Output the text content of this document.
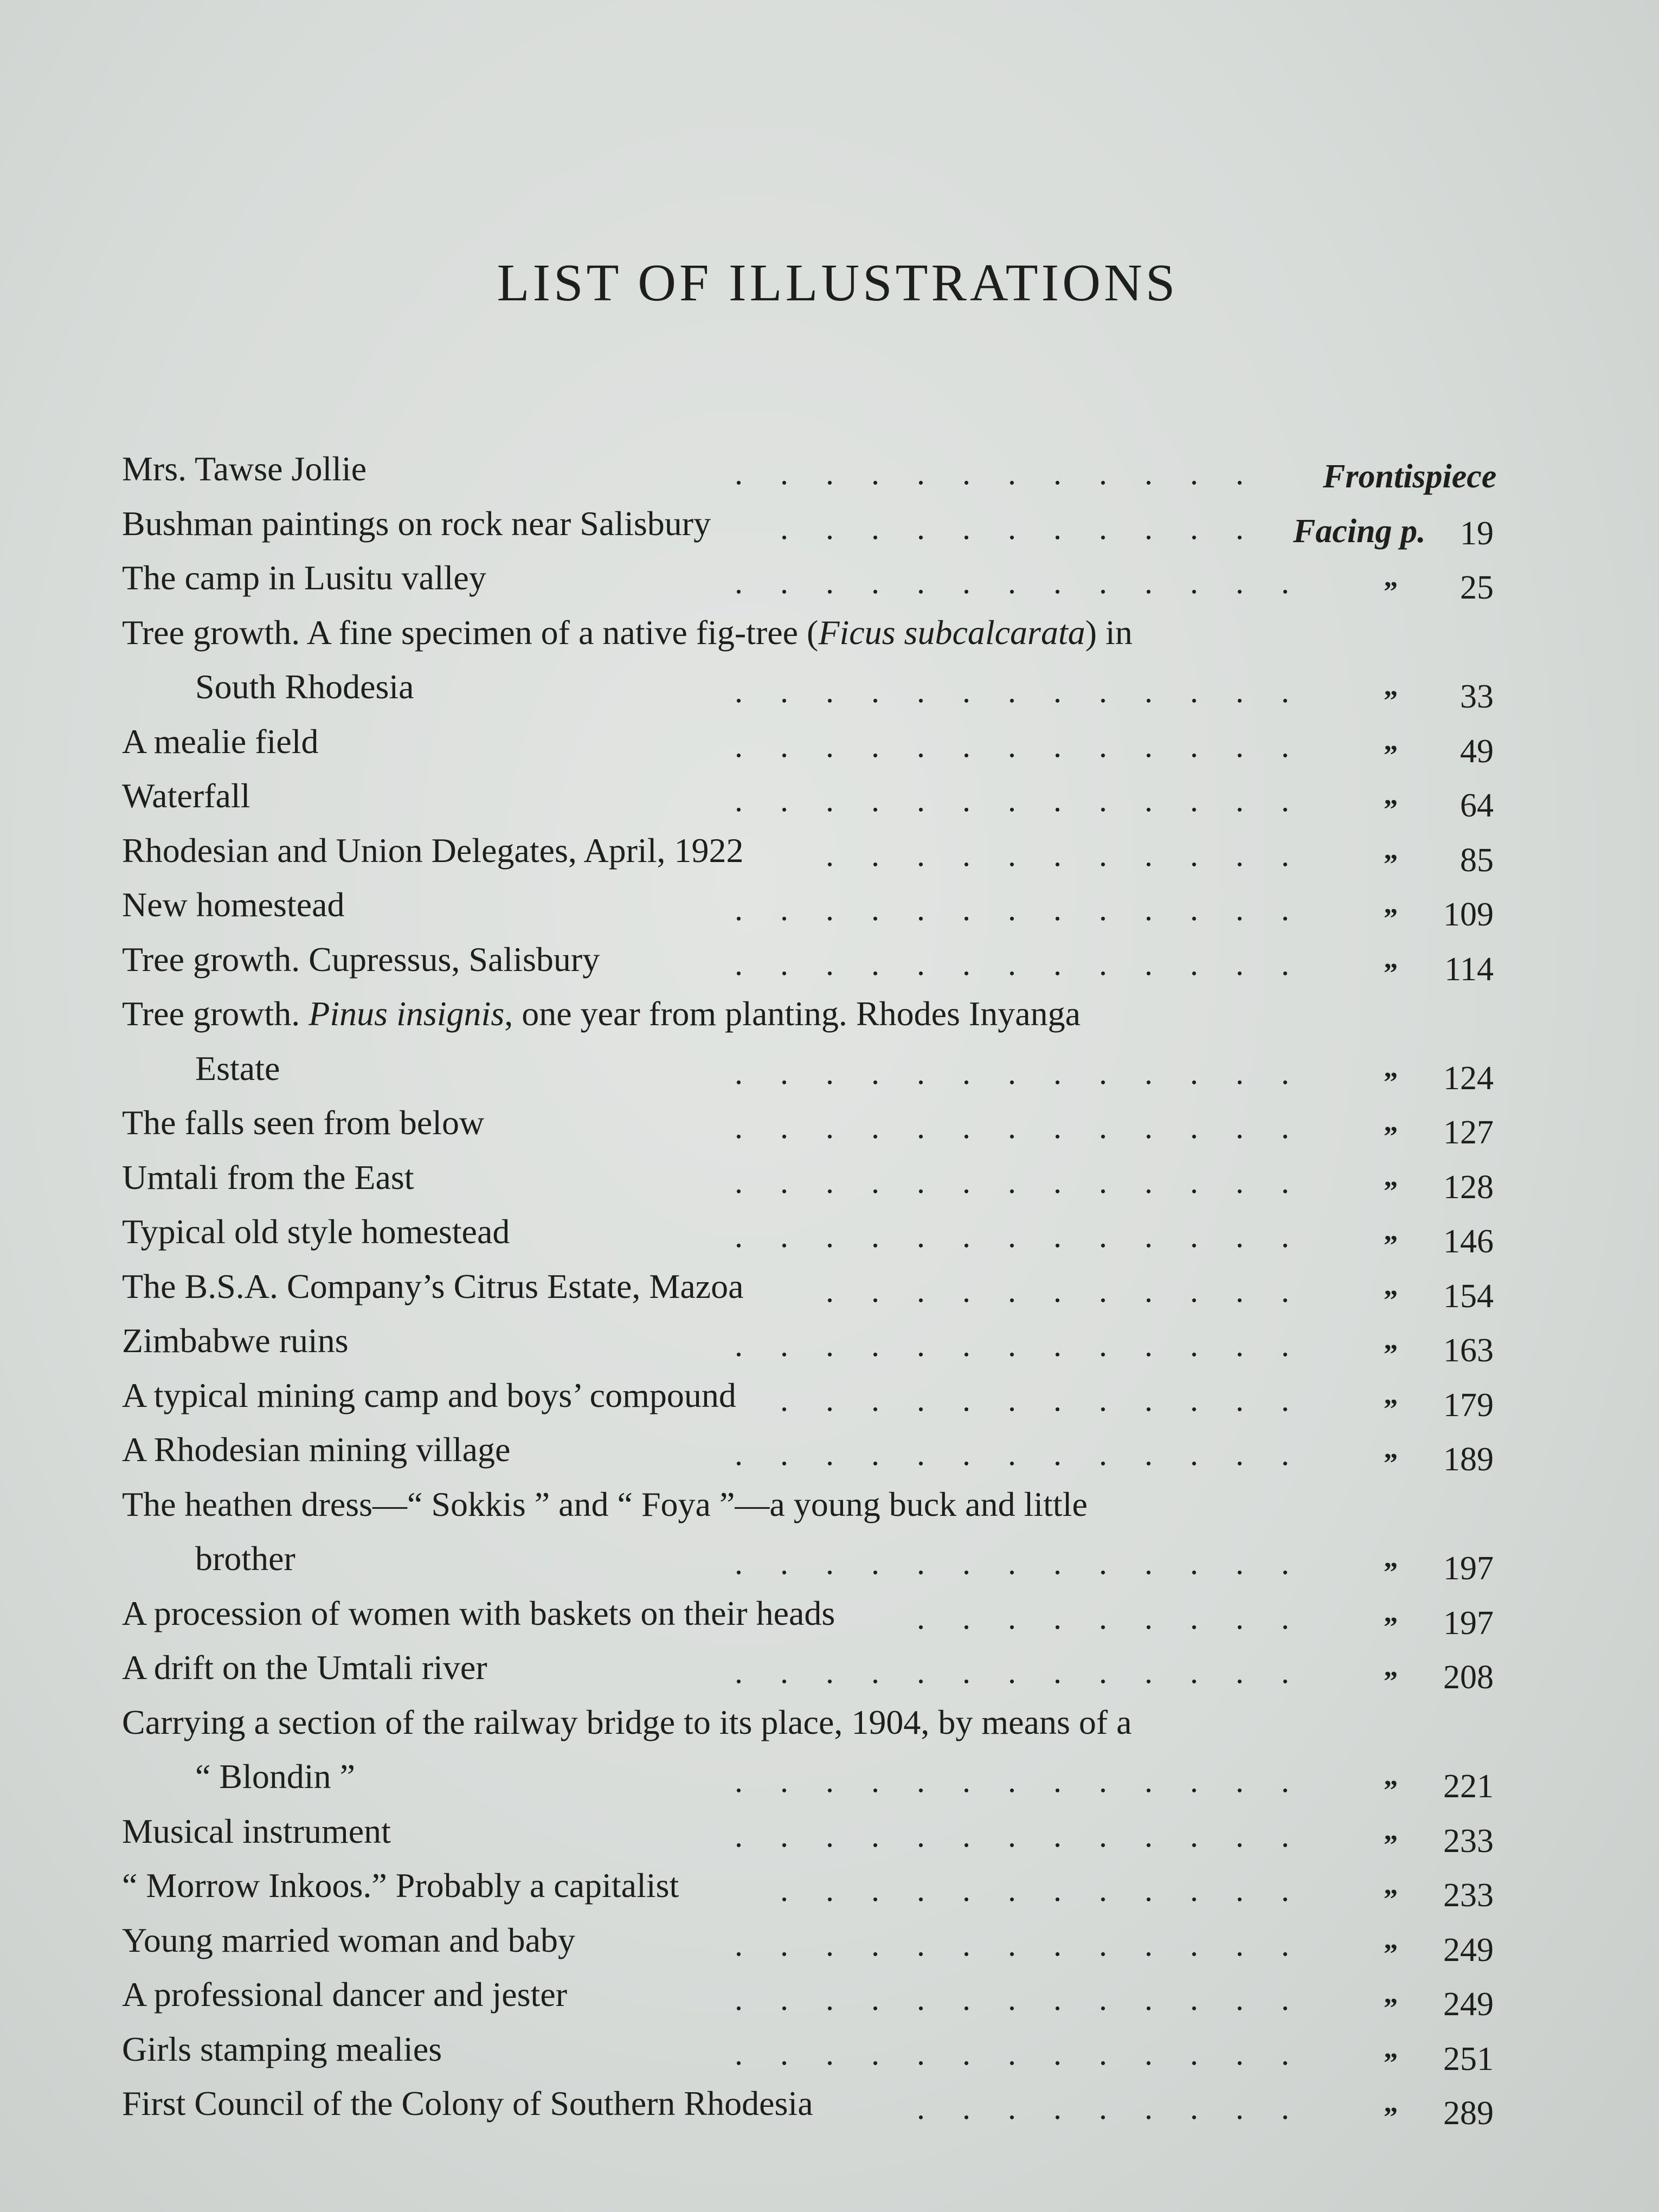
LIST OF ILLUSTRATIONS
Mrs. Tawse Jollie	. . . . . . . . . . . . Frontispiece
Bushman paintings on rock near Salisbury . . . . . . . . . . . Facing p.	19
The camp in Lusitu valley	. . . . . . . . . . . . .	”	25
Tree growth. A fine specimen of a native fig-tree (Ficus subcalcarata) in
South Rhodesia	. . . . . . . . . . . . .	”	33
A mealie field	. . . . . . . . . . . . .	”	49
Waterfall	. . . . . . . . . . . . .	”	64
Rhodesian and Union Delegates, April, 1922	. . . . . . . . . . .	”	85
New homestead	. . . . . . . . . . . . .	”	109
Tree growth. Cupressus, Salisbury	. . . . . . . . . . . . .	”	114
Tree growth. Pinus insignis, one year from planting. Rhodes Inyanga
Estate	. . . . . . . . . . . . .	”	124
The falls seen from below	. . . . . . . . . . . . .	”	127
Umtali from the East	. . . . . . . . . . . . .	”	128
Typical old style homestead	. . . . . . . . . . . . .	”	146
The B.S.A. Company’s Citrus Estate, Mazoa	. . . . . . . . . . .	”	154
Zimbabwe ruins	. . . . . . . . . . . . .	”	163
A typical mining camp and boys’ compound . . . . . . . . . . . .	”	179
A Rhodesian mining village	. . . . . . . . . . . . .	”	189
The heathen dress—“ Sokkis ” and “ Foya ”—a young buck and little
brother	. . . . . . . . . . . . .	”	197
A procession of women with baskets on their heads	. . . . . . . . .	”	197
A drift on the Umtali river	. . . . . . . . . . . . .	”	208
Carrying a section of the railway bridge to its place, 1904, by means of a
“ Blondin ”	. . . . . . . . . . . . .	”	221
Musical instrument	. . . . . . . . . . . . .	”	233
“ Morrow Inkoos.” Probably a capitalist	. . . . . . . . . . . .	”	233
Young married woman and baby	. . . . . . . . . . . . .	”	249
A professional dancer and jester	. . . . . . . . . . . . .	”	249
Girls stamping mealies	. . . . . . . . . . . . .	”	251
First Council of the Colony of Southern Rhodesia	. . . . . . . . .	”	289
